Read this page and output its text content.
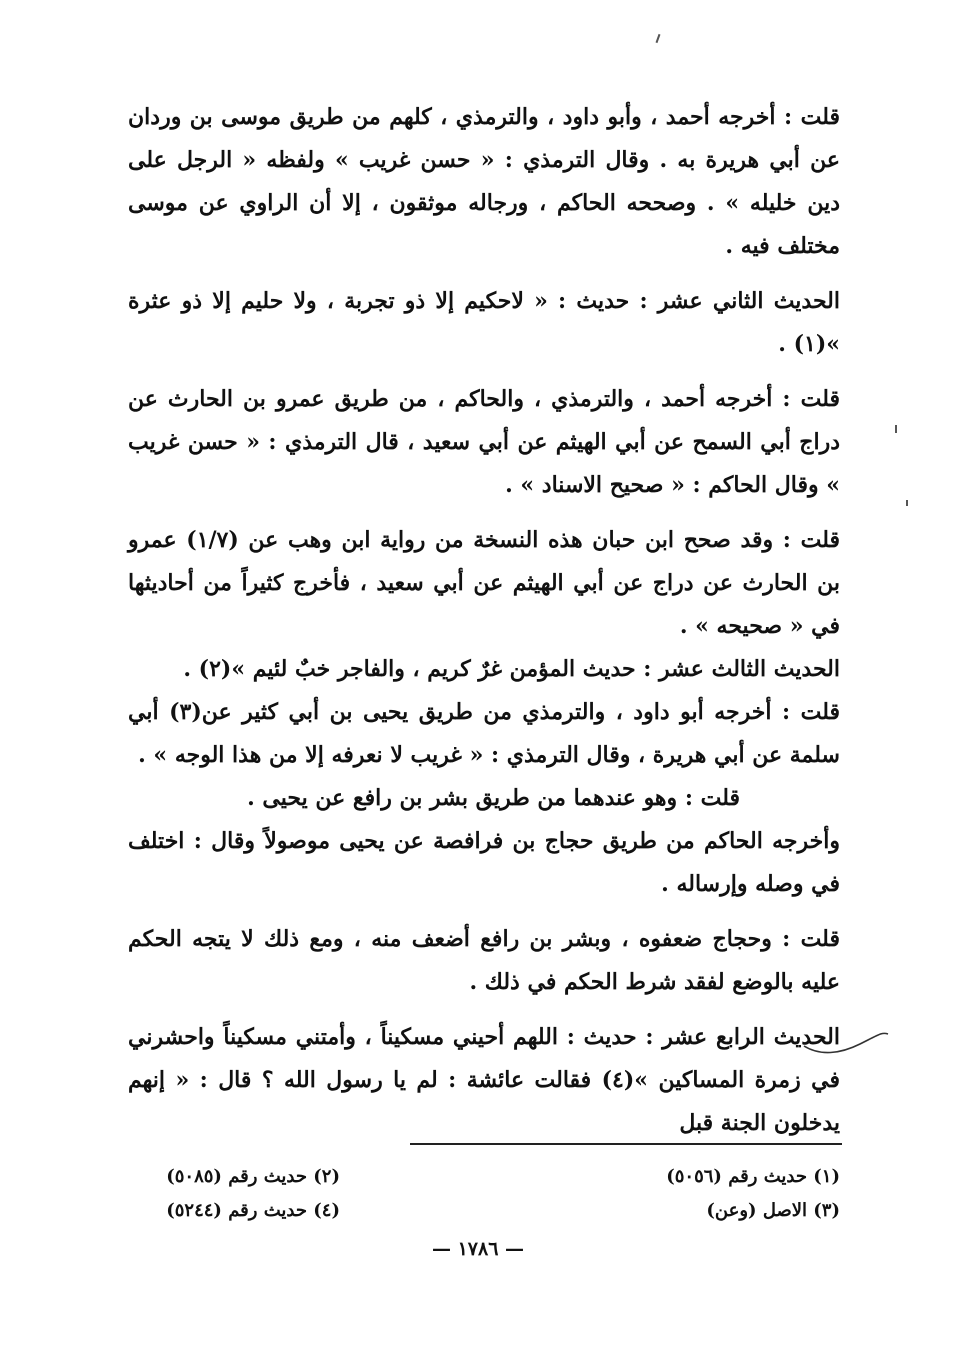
قلت : أخرجه أحمد ، وأبو داود ، والترمذي ، كلهم من طريق موسى بن وردان عن أبي هريرة به . وقال الترمذي : « حسن غريب » ولفظه « الرجل على دين خليله » . وصححه الحاكم ، ورجاله موثقون ، إلا أن الراوي عن موسى مختلف فيه .

الحديث الثاني عشر : حديث : « لاحكيم إلا ذو تجربة ، ولا حليم إلا ذو عثرة »(١) .

قلت : أخرجه أحمد ، والترمذي ، والحاكم ، من طريق عمرو بن الحارث عن دراج أبي السمح عن أبي الهيثم عن أبي سعيد ، قال الترمذي : « حسن غريب » وقال الحاكم : « صحيح الاسناد » .

قلت : وقد صحح ابن حبان هذه النسخة من رواية ابن وهب عن (١/٧) عمرو بن الحارث عن دراج عن أبي الهيثم عن أبي سعيد ، فأخرج كثيراً من أحاديثها في « صحيحه » .

الحديث الثالث عشر : حديث المؤمن غرٌ كريم ، والفاجر خبٌ لئيم »(٢) .

قلت : أخرجه أبو داود ، والترمذي من طريق يحيى بن أبي كثير عن(٣) أبي سلمة عن أبي هريرة ، وقال الترمذي : « غريب لا نعرفه إلا من هذا الوجه » .

قلت : وهو عندهما من طريق بشر بن رافع عن يحيى .

وأخرجه الحاكم من طريق حجاج بن فرافصة عن يحيى موصولاً وقال : اختلف في وصله وإرساله .

قلت : وحجاج ضعفوه ، وبشر بن رافع أضعف منه ، ومع ذلك لا يتجه الحكم عليه بالوضع لفقد شرط الحكم في ذلك .

الحديث الرابع عشر : حديث : اللهم أحيني مسكيناً ، وأمتني مسكيناً واحشرني في زمرة المساكين »(٤) فقالت عائشة : لم يا رسول الله ؟ قال : « إنهم يدخلون الجنة قبل

(١) حديث رقم (٥٠٥٦)
(٣) الاصل (وعن)
(٢) حديث رقم (٥٠٨٥)
(٤) حديث رقم (٥٢٤٤)
— ١٧٨٦ —
